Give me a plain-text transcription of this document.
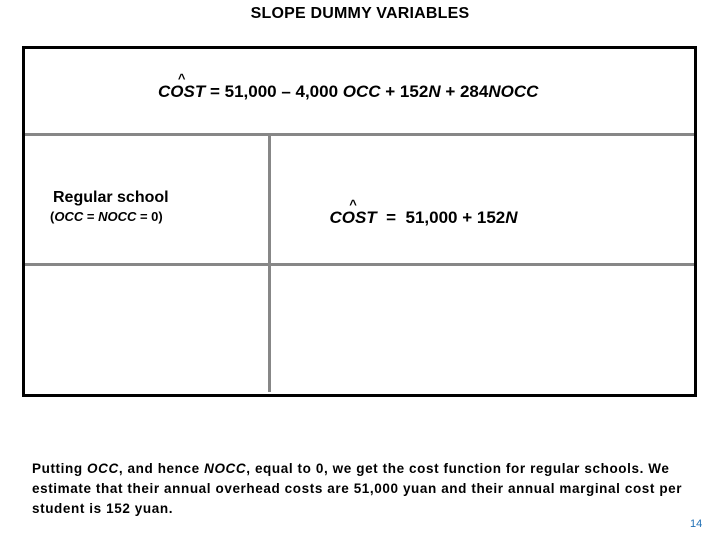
SLOPE DUMMY VARIABLES
^ COST = 51,000 – 4,000 OCC + 152N + 284NOCC
Regular school
(OCC = NOCC = 0)	^ COST  =  51,000 + 152N

Putting OCC, and hence NOCC, equal to 0, we get the cost function for regular schools. We estimate that their annual overhead costs are 51,000 yuan and their annual marginal cost per student is 152 yuan.
14
